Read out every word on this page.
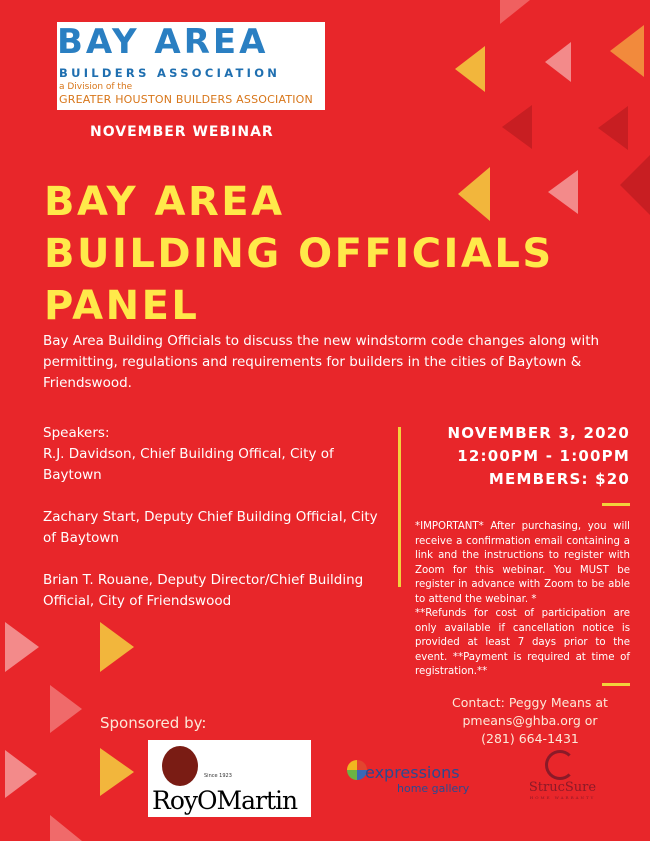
BAY AREA
BUILDERS ASSOCIATION
a Division of the
GREATER HOUSTON BUILDERS ASSOCIATION
NOVEMBER WEBINAR
BAY AREA
BUILDING OFFICIALS
PANEL
Bay Area Building Officials to discuss the new windstorm code changes along with permitting, regulations and requirements for builders in the cities of Baytown & Friendswood.
Speakers:

R.J. Davidson, Chief Building Offical, City of Baytown

Zachary Start, Deputy Chief Building Official, City of Baytown

Brian T. Rouane, Deputy Director/Chief Building Official, City of Friendswood

NOVEMBER 3, 2020
12:00PM - 1:00PM
MEMBERS: $20
*IMPORTANT* After purchasing, you will receive a confirmation email containing a link and the instructions to register with Zoom for this webinar. You MUST be register in advance with Zoom to be able to attend the webinar. *
**Refunds for cost of participation are only available if cancellation notice is provided at least 7 days prior to the event. **Payment is required at time of registration.**
Contact: Peggy Means at
pmeans@ghba.org or
(281) 664-1431
Sponsored by:
Since 1923
RoyOMartin
expressions
home gallery	StrucSure
HOME WARRANTY
